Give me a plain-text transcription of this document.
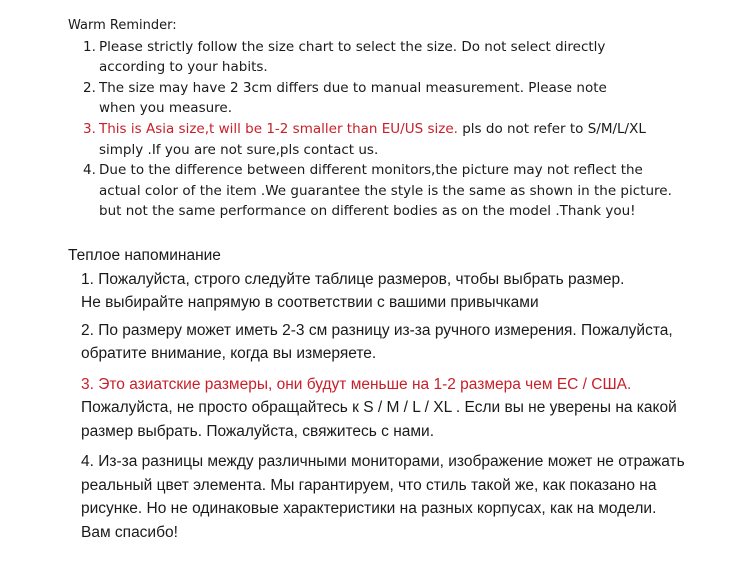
Warm Reminder:
1. Please strictly follow the size chart to select the size. Do not select directly
according to your habits.
2. The size may have 2 3cm differs due to manual measurement. Please note
when you measure.
3. This is Asia size,t will be 1-2 smaller than EU/US size. pls do not refer to S/M/L/XL
simply .If you are not sure,pls contact us.
4. Due to the difference between different monitors,the picture may not reflect the
actual color of the item .We guarantee the style is the same as shown in the picture.
but not the same performance on different bodies as on the model .Thank you!
Теплое напоминание
1. Пожалуйста, строго следуйте таблице размеров, чтобы выбрать размер.
Не выбирайте напрямую в соответствии с вашими привычками
2. По размеру может иметь 2-3 см разницу из-за ручного измерения. Пожалуйста,
обратите внимание, когда вы измеряете.
3. Это азиатские размеры, они будут меньше на 1-2 размера чем ЕС / США.
Пожалуйста, не просто обращайтесь к S / M / L / XL . Если вы не уверены на какой
размер выбрать. Пожалуйста, свяжитесь с нами.
4. Из-за разницы между различными мониторами, изображение может не отражать
реальный цвет элемента. Мы гарантируем, что стиль такой же, как показано на
рисунке. Но не одинаковые характеристики на разных корпусах, как на модели.
Вам спасибо!
